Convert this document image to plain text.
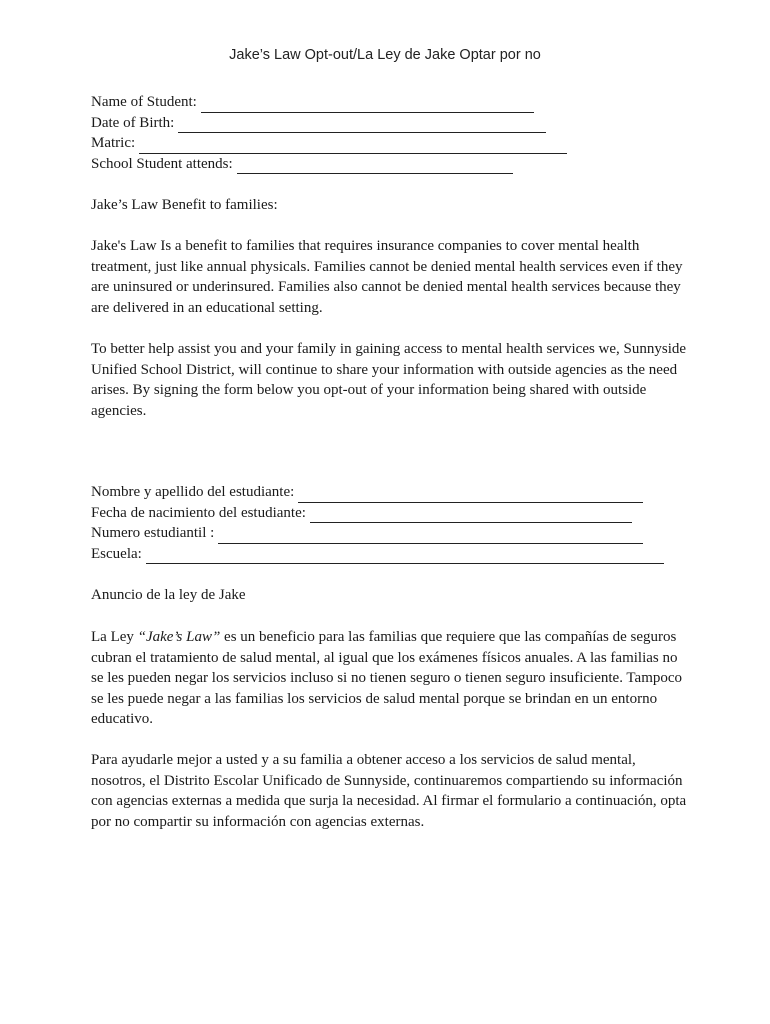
Jake’s Law Opt-out/La Ley de Jake Optar por no
Name of Student:
Date of Birth:
Matric:
School Student attends:
Jake’s Law Benefit to families:

Jake's Law Is a benefit to families that requires insurance companies to cover mental health treatment, just like annual physicals. Families cannot be denied mental health services even if they are uninsured or underinsured. Families also cannot be denied mental health services because they are delivered in an educational setting.

To better help assist you and your family in gaining access to mental health services we, Sunnyside Unified School District, will continue to share your information with outside agencies as the need arises. By signing the form below you opt-out of your information being shared with outside agencies.

Nombre y apellido del estudiante:
Fecha de nacimiento del estudiante:
Numero estudiantil :
Escuela:
Anuncio de la ley de Jake

La Ley “Jake’s Law” es un beneficio para las familias que requiere que las compañías de seguros cubran el tratamiento de salud mental, al igual que los exámenes físicos anuales. A las familias no se les pueden negar los servicios incluso si no tienen seguro o tienen seguro insuficiente. Tampoco se les puede negar a las familias los servicios de salud mental porque se brindan en un entorno educativo.

Para ayudarle mejor a usted y a su familia a obtener acceso a los servicios de salud mental, nosotros, el Distrito Escolar Unificado de Sunnyside, continuaremos compartiendo su información con agencias externas a medida que surja la necesidad. Al firmar el formulario a continuación, opta por no compartir su información con agencias externas.
